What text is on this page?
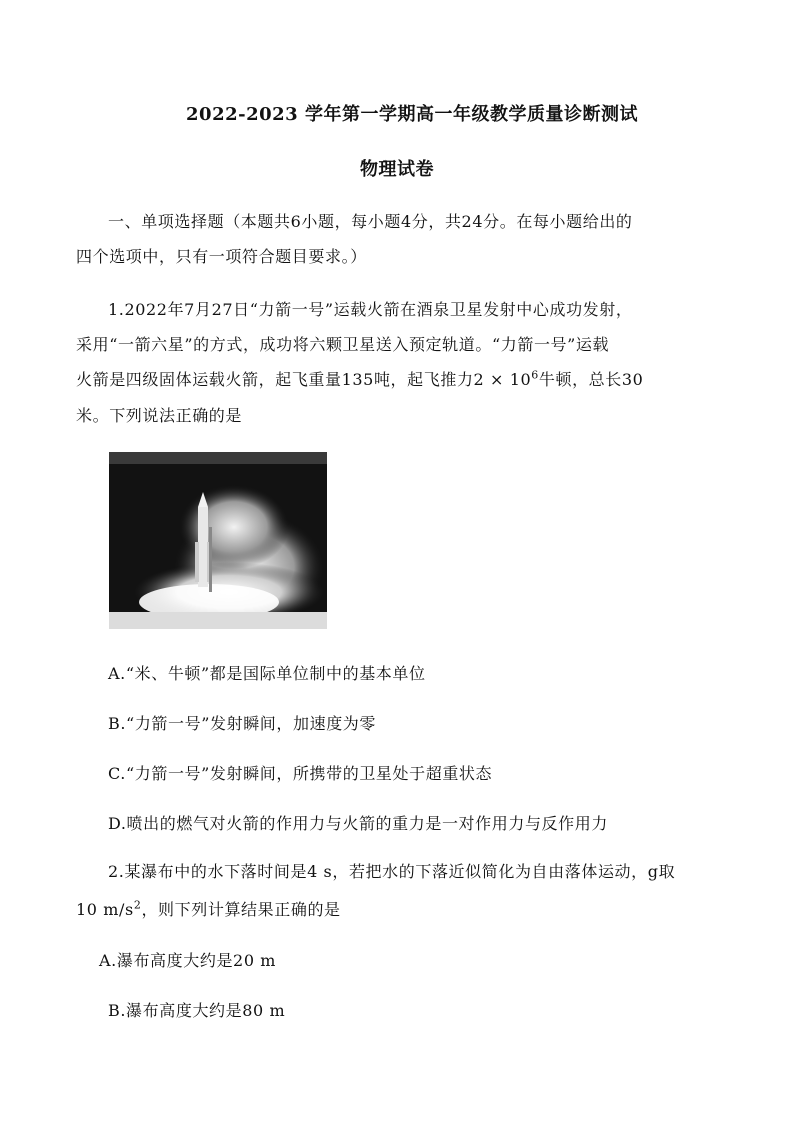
2022-2023 学年第一学期高一年级教学质量诊断测试
物理试卷
一、单项选择题（本题共6小题，每小题4分，共24分。在每小题给出的
四个选项中，只有一项符合题目要求。）
1.2022年7月27日“力箭一号”运载火箭在酒泉卫星发射中心成功发射，
采用“一箭六星”的方式，成功将六颗卫星送入预定轨道。“力箭一号”运载
火箭是四级固体运载火箭，起飞重量135吨，起飞推力$2 \times 10^6$牛顿，总长30
米。下列说法正确的是
A.“米、牛顿”都是国际单位制中的基本单位
B.“力箭一号”发射瞬间，加速度为零
C.“力箭一号”发射瞬间，所携带的卫星处于超重状态
D.喷出的燃气对火箭的作用力与火箭的重力是一对作用力与反作用力
2.某瀑布中的水下落时间是4 s，若把水的下落近似简化为自由落体运动，g取
10 $m/s^2$，则下列计算结果正确的是
A.瀑布高度大约是20 m
B.瀑布高度大约是80 m
